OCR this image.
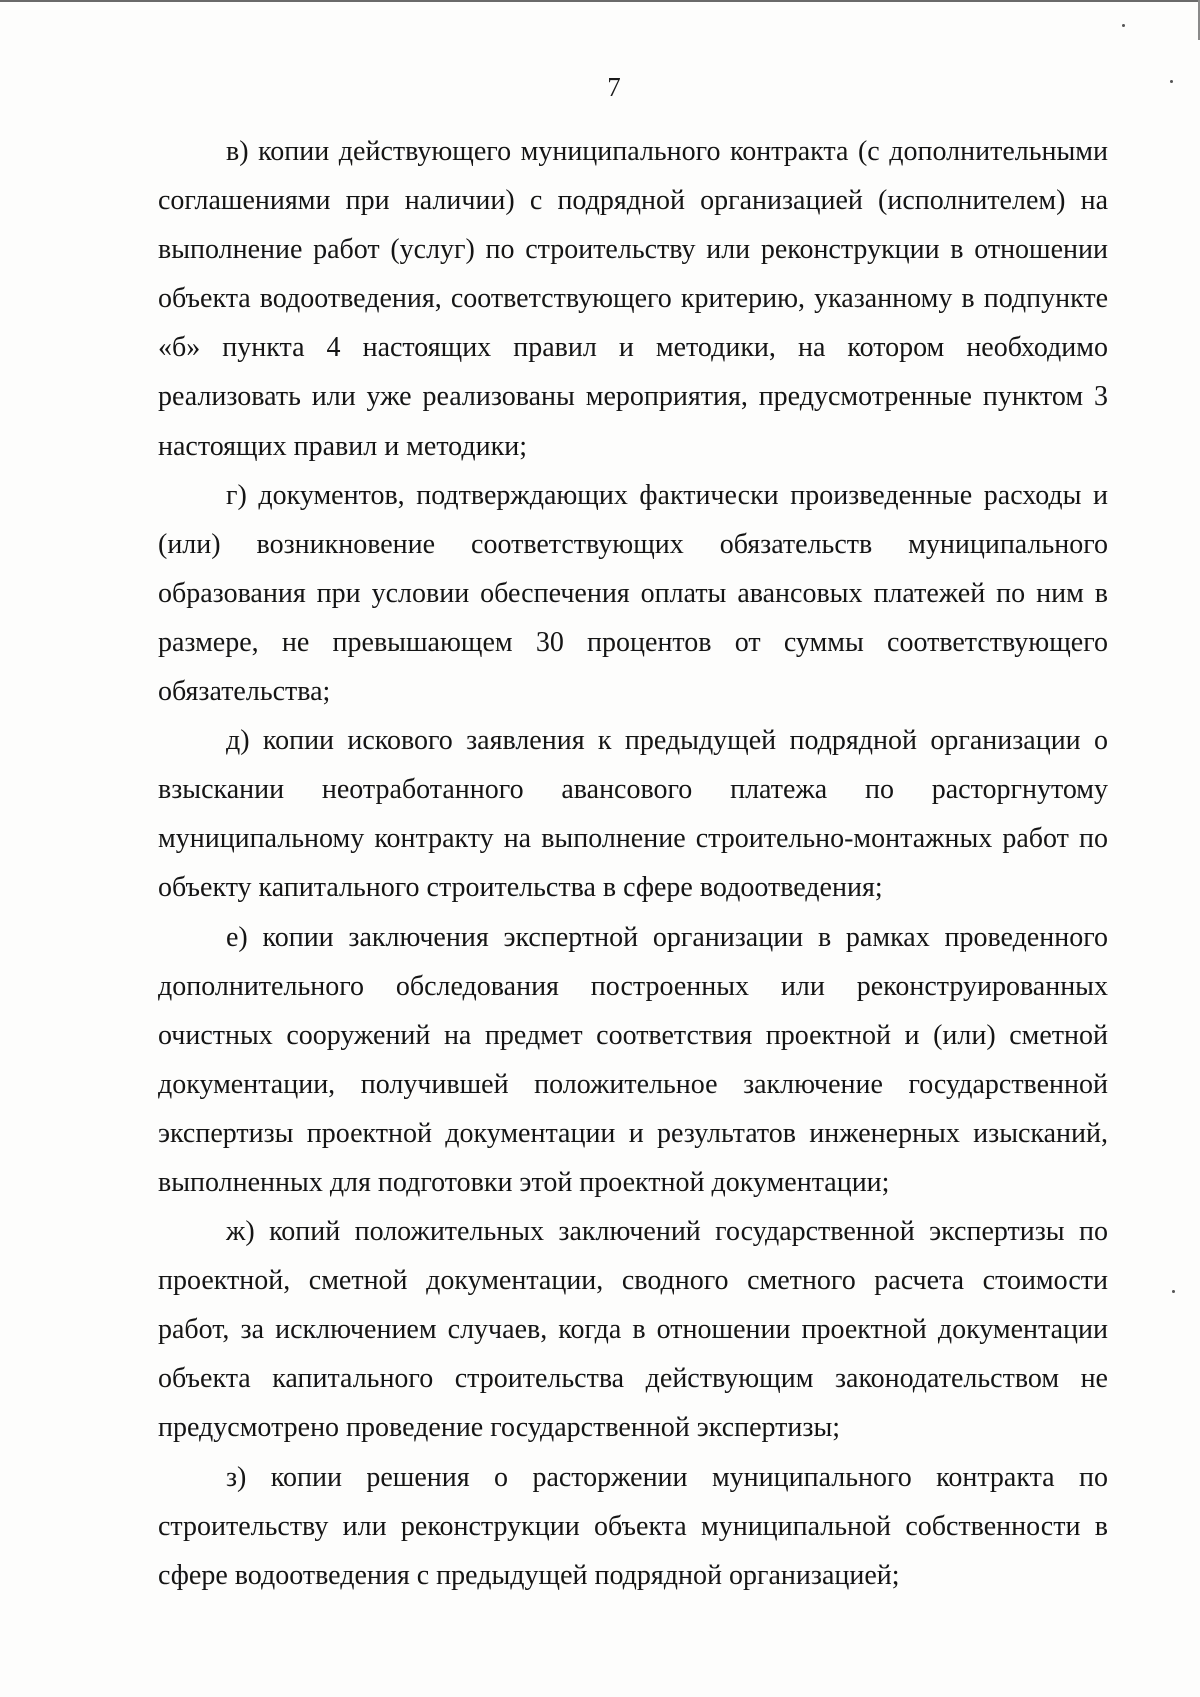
7

в) копии действующего муниципального контракта (с дополнительными соглашениями при наличии) с подрядной организацией (исполнителем) на выполнение работ (услуг) по строительству или реконструкции в отношении объекта водоотведения, соответствующего критерию, указанному в подпункте «б» пункта 4 настоящих правил и методики, на котором необходимо реализовать или уже реализованы мероприятия, предусмотренные пунктом 3 настоящих правил и методики;

г) документов, подтверждающих фактически произведенные расходы и (или) возникновение соответствующих обязательств муниципального образования при условии обеспечения оплаты авансовых платежей по ним в размере, не превышающем 30 процентов от суммы соответствующего обязательства;

д) копии искового заявления к предыдущей подрядной организации о взыскании неотработанного авансового платежа по расторгнутому муниципальному контракту на выполнение строительно-монтажных работ по объекту капитального строительства в сфере водоотведения;

е) копии заключения экспертной организации в рамках проведенного дополнительного обследования построенных или реконструированных очистных сооружений на предмет соответствия проектной и (или) сметной документации, получившей положительное заключение государственной экспертизы проектной документации и результатов инженерных изысканий, выполненных для подготовки этой проектной документации;

ж) копий положительных заключений государственной экспертизы по проектной, сметной документации, сводного сметного расчета стоимости работ, за исключением случаев, когда в отношении проектной документации объекта капитального строительства действующим законодательством не предусмотрено проведение государственной экспертизы;

з) копии решения о расторжении муниципального контракта по строительству или реконструкции объекта муниципальной собственности в сфере водоотведения с предыдущей подрядной организацией;
